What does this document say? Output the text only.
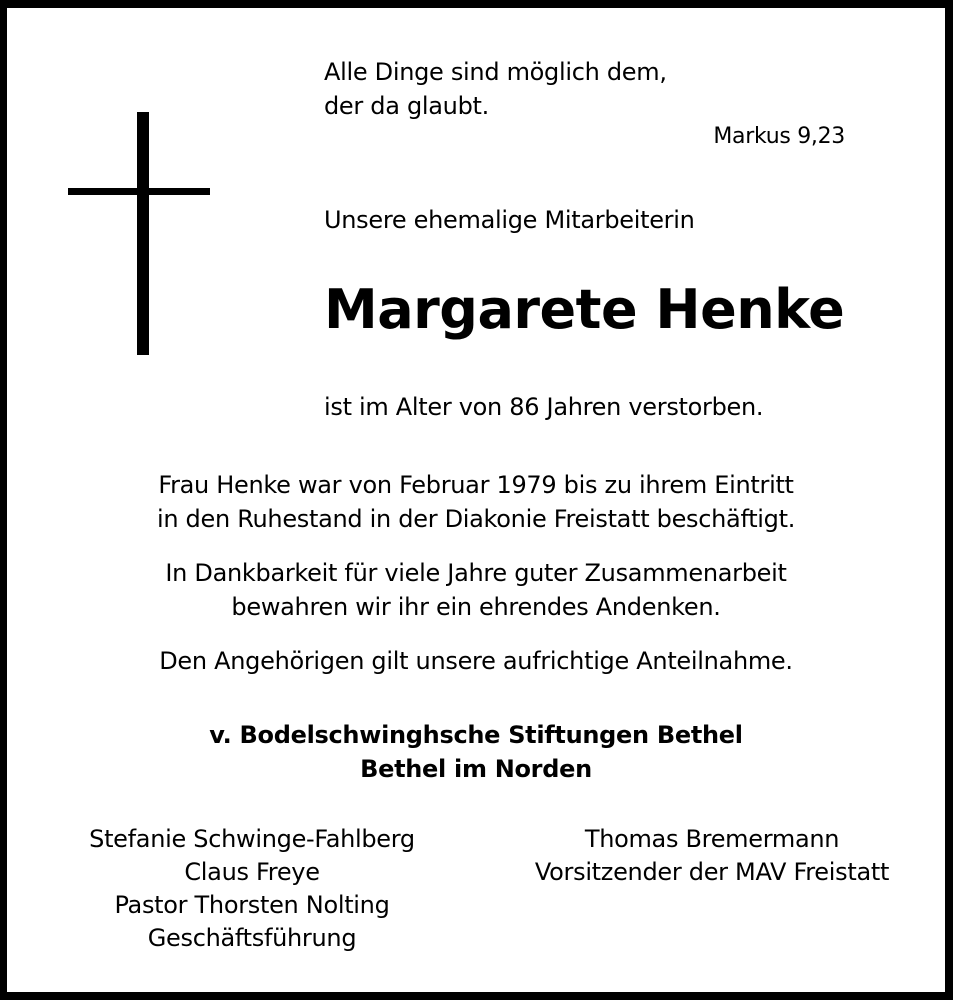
Alle Dinge sind möglich dem,
der da glaubt.
Markus 9,23
Unsere ehemalige Mitarbeiterin
Margarete Henke
ist im Alter von 86 Jahren verstorben.
Frau Henke war von Februar 1979 bis zu ihrem Eintritt
in den Ruhestand in der Diakonie Freistatt beschäftigt.
In Dankbarkeit für viele Jahre guter Zusammenarbeit
bewahren wir ihr ein ehrendes Andenken.
Den Angehörigen gilt unsere aufrichtige Anteilnahme.
v. Bodelschwinghsche Stiftungen Bethel
Bethel im Norden
Stefanie Schwinge-Fahlberg
Claus Freye
Pastor Thorsten Nolting
Geschäftsführung
Thomas Bremermann
Vorsitzender der MAV Freistatt
